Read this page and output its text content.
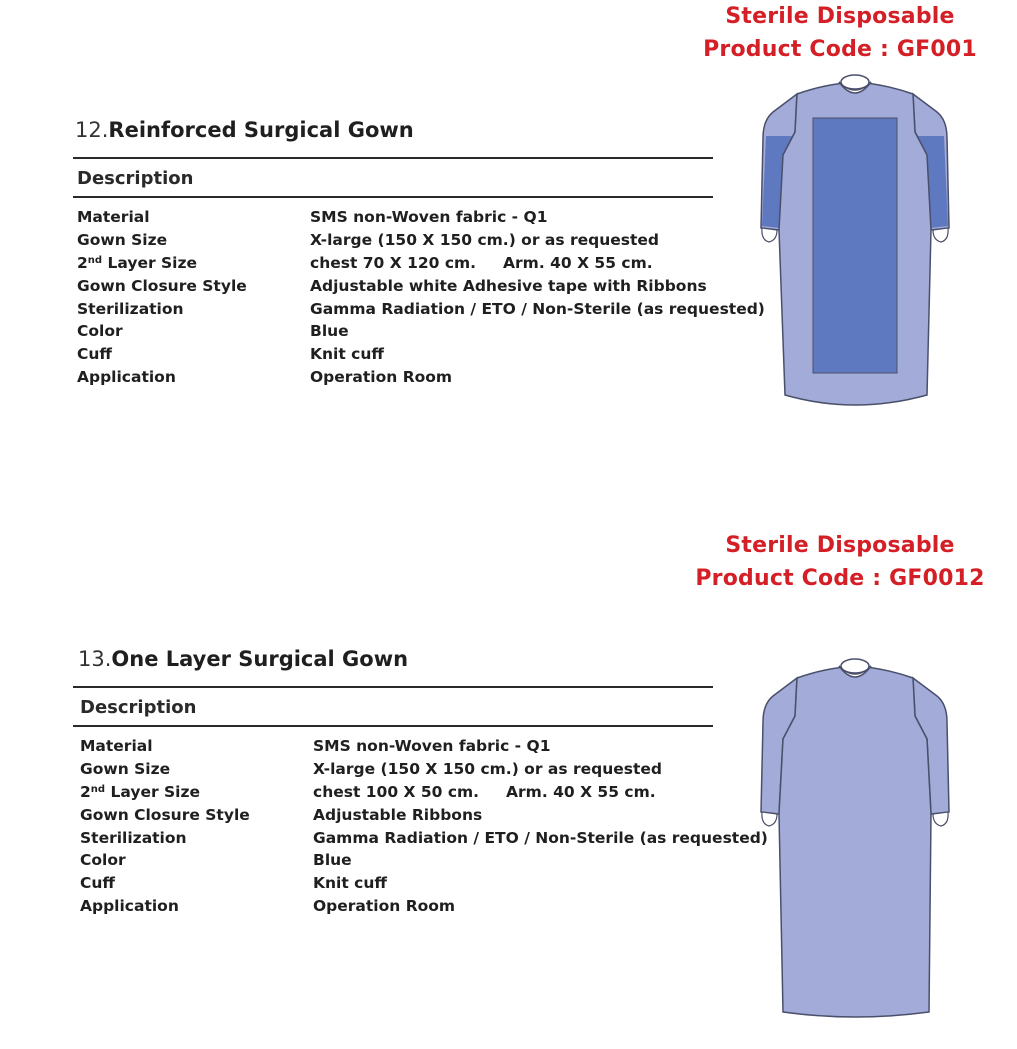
Sterile Disposable
Product Code : GF001
12.Reinforced Surgical Gown
Description
Material	SMS non-Woven fabric - Q1
Gown Size	X-large (150 X 150 cm.) or as requested
2nd Layer Size	chest 70 X 120 cm.     Arm. 40 X 55 cm.
Gown Closure Style	Adjustable white Adhesive tape with Ribbons
Sterilization	Gamma Radiation / ETO / Non-Sterile (as requested)
Color	Blue
Cuff	Knit cuff
Application	Operation Room
Sterile Disposable
Product Code : GF0012
13.One Layer Surgical Gown
Description
Material	SMS non-Woven fabric - Q1
Gown Size	X-large (150 X 150 cm.) or as requested
2nd Layer Size	chest 100 X 50 cm.     Arm. 40 X 55 cm.
Gown Closure Style	Adjustable Ribbons
Sterilization	Gamma Radiation / ETO / Non-Sterile (as requested)
Color	Blue
Cuff	Knit cuff
Application	Operation Room
